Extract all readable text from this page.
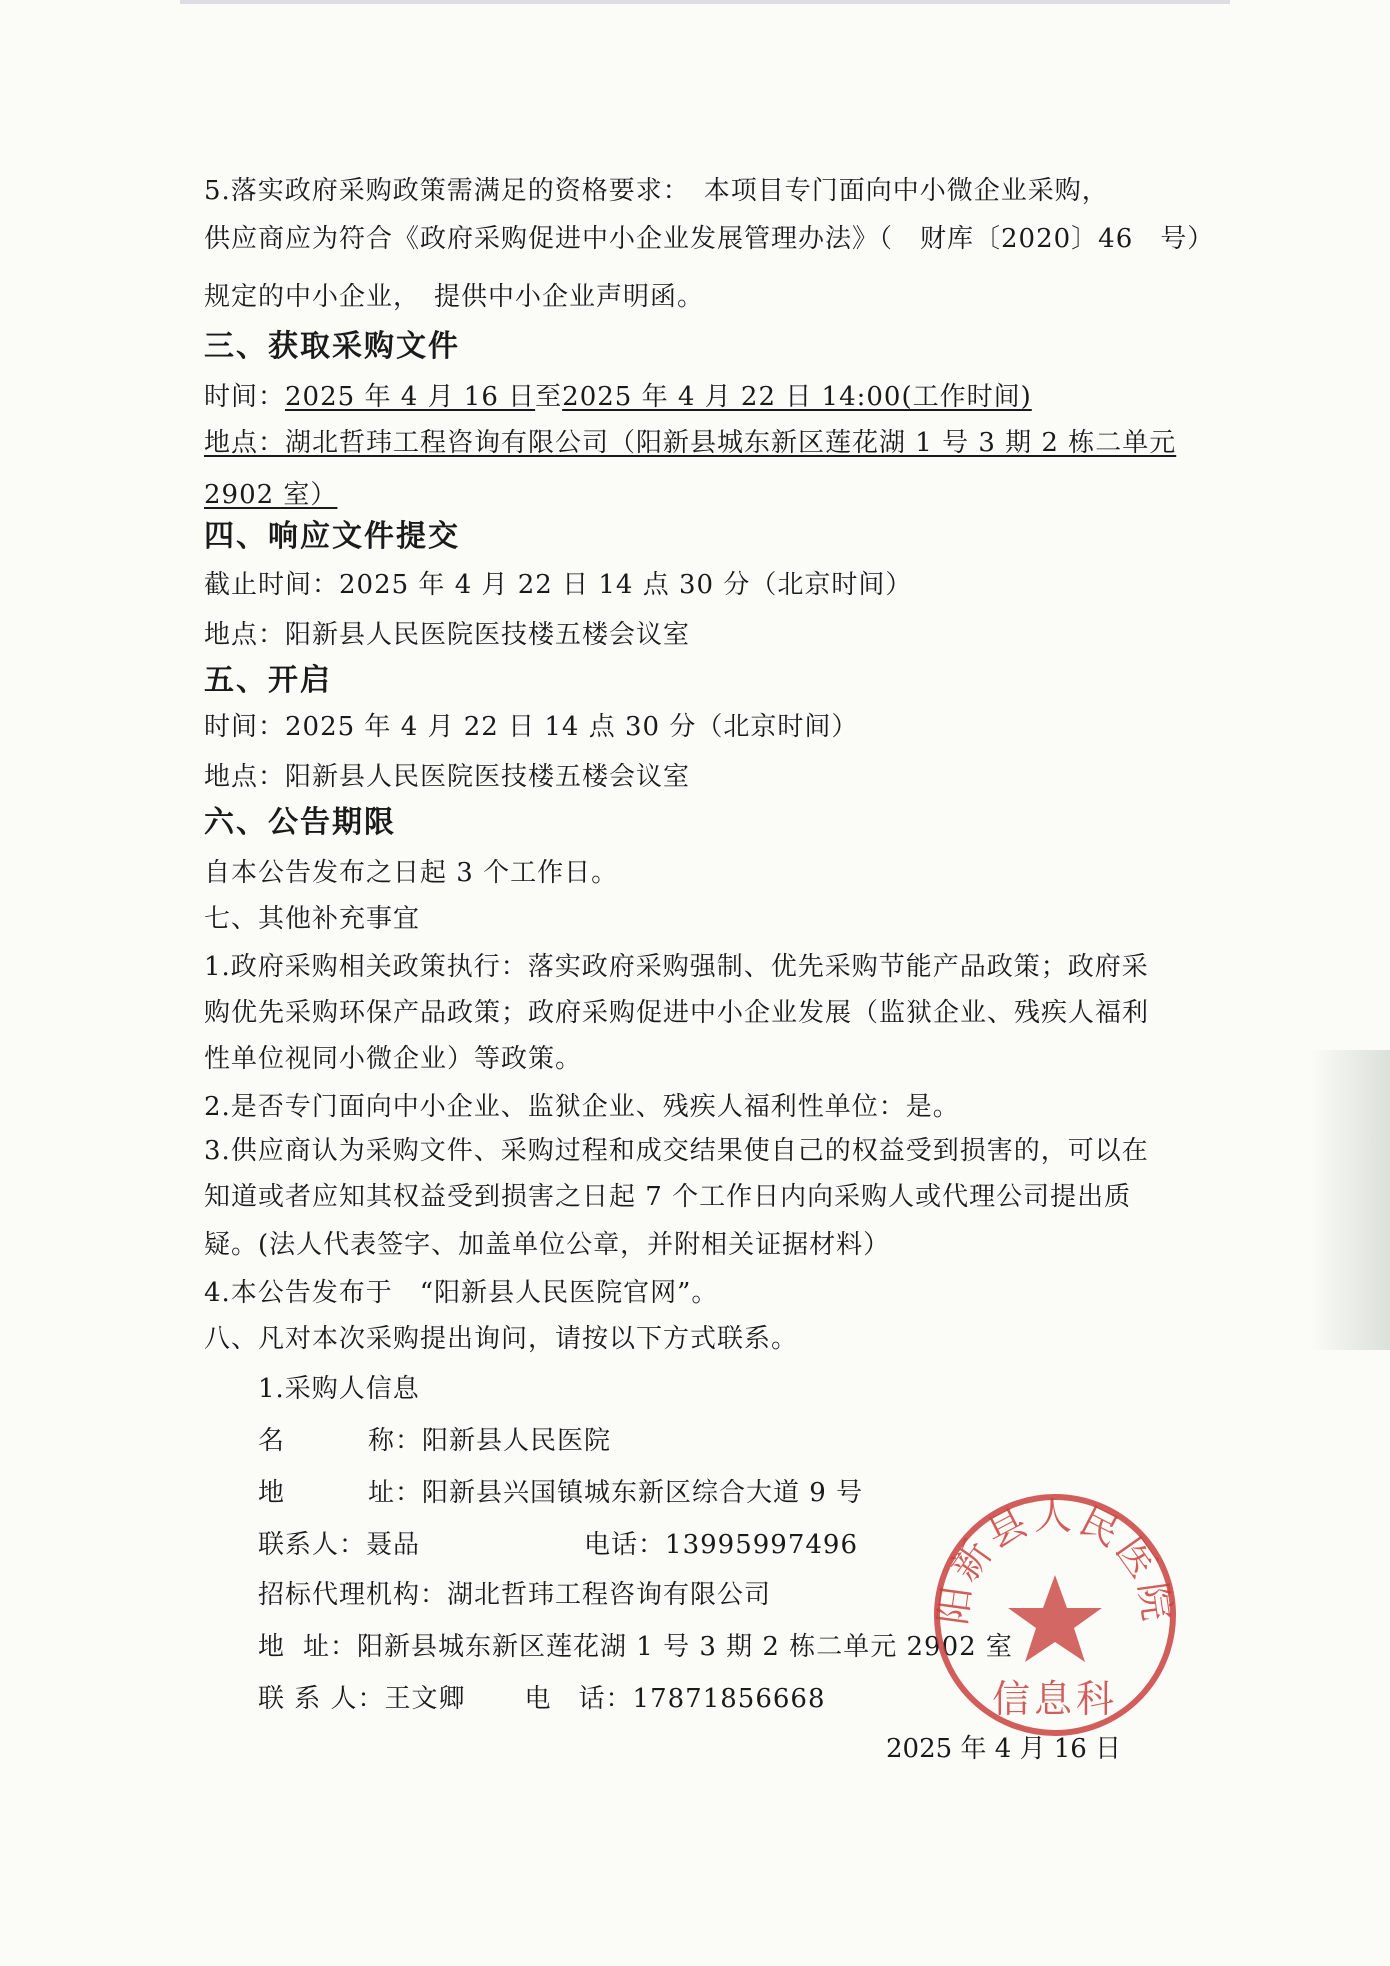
5.落实政府采购政策需满足的资格要求：　本项目专门面向中小微企业采购，
供应商应为符合《政府采购促进中小企业发展管理办法》（　财库〔2020〕46　号）
规定的中小企业，　提供中小企业声明函。
三、获取采购文件
时间：2025 年 4 月 16 日至2025 年 4 月 22 日 14:00(工作时间)
地点：湖北哲玮工程咨询有限公司（阳新县城东新区莲花湖 1 号 3 期 2 栋二单元
2902 室）
四、响应文件提交
截止时间：2025 年 4 月 22 日 14 点 30 分（北京时间）
地点：阳新县人民医院医技楼五楼会议室
五、开启
时间：2025 年 4 月 22 日 14 点 30 分（北京时间）
地点：阳新县人民医院医技楼五楼会议室
六、公告期限
自本公告发布之日起 3 个工作日。
七、其他补充事宜
1.政府采购相关政策执行：落实政府采购强制、优先采购节能产品政策；政府采
购优先采购环保产品政策；政府采购促进中小企业发展（监狱企业、残疾人福利
性单位视同小微企业）等政策。
2.是否专门面向中小企业、监狱企业、残疾人福利性单位：是。
3.供应商认为采购文件、采购过程和成交结果使自己的权益受到损害的，可以在
知道或者应知其权益受到损害之日起 7 个工作日内向采购人或代理公司提出质
疑。(法人代表签字、加盖单位公章，并附相关证据材料）
4.本公告发布于　“阳新县人民医院官网”。
八、凡对本次采购提出询问，请按以下方式联系。
1.采购人信息
名	称：阳新县人民医院
地	址：阳新县兴国镇城东新区综合大道 9 号
联系人：聂品	电话：13995997496
招标代理机构：湖北哲玮工程咨询有限公司
地 址：阳新县城东新区莲花湖 1 号 3 期 2 栋二单元 2902 室
联 系 人：王文卿 电　话：17871856668
阳新县人民医院
信息科
2025 年 4 月 16 日
